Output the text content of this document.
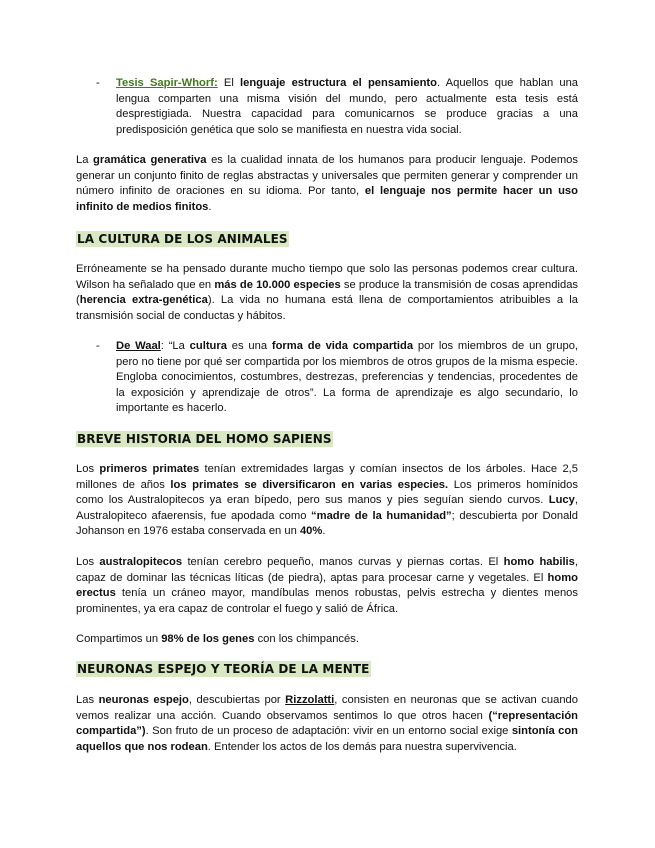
- Tesis Sapir-Whorf: El lenguaje estructura el pensamiento. Aquellos que hablan una lengua comparten una misma visión del mundo, pero actualmente esta tesis está desprestigiada. Nuestra capacidad para comunicarnos se produce gracias a una predisposición genética que solo se manifiesta en nuestra vida social.

La gramática generativa es la cualidad innata de los humanos para producir lenguaje. Podemos generar un conjunto finito de reglas abstractas y universales que permiten generar y comprender un número infinito de oraciones en su idioma. Por tanto, el lenguaje nos permite hacer un uso infinito de medios finitos.

LA CULTURA DE LOS ANIMALES

Erróneamente se ha pensado durante mucho tiempo que solo las personas podemos crear cultura. Wilson ha señalado que en más de 10.000 especies se produce la transmisión de cosas aprendidas (herencia extra-genética). La vida no humana está llena de comportamientos atribuibles a la transmisión social de conductas y hábitos.

- De Waal: “La cultura es una forma de vida compartida por los miembros de un grupo, pero no tiene por qué ser compartida por los miembros de otros grupos de la misma especie. Engloba conocimientos, costumbres, destrezas, preferencias y tendencias, procedentes de la exposición y aprendizaje de otros”. La forma de aprendizaje es algo secundario, lo importante es hacerlo.

BREVE HISTORIA DEL HOMO SAPIENS

Los primeros primates tenían extremidades largas y comían insectos de los árboles. Hace 2,5 millones de años los primates se diversificaron en varias especies. Los primeros homínidos como los Australopitecos ya eran bípedo, pero sus manos y pies seguían siendo curvos. Lucy, Australopiteco afaerensis, fue apodada como “madre de la humanidad”; descubierta por Donald Johanson en 1976 estaba conservada en un 40%.

Los australopitecos tenían cerebro pequeño, manos curvas y piernas cortas. El homo habilis, capaz de dominar las técnicas líticas (de piedra), aptas para procesar carne y vegetales. El homo erectus tenía un cráneo mayor, mandíbulas menos robustas, pelvis estrecha y dientes menos prominentes, ya era capaz de controlar el fuego y salió de África.

Compartimos un 98% de los genes con los chimpancés.

NEURONAS ESPEJO Y TEORÍA DE LA MENTE

Las neuronas espejo, descubiertas por Rizzolatti, consisten en neuronas que se activan cuando vemos realizar una acción. Cuando observamos sentimos lo que otros hacen (“representación compartida”). Son fruto de un proceso de adaptación: vivir en un entorno social exige sintonía con aquellos que nos rodean. Entender los actos de los demás para nuestra supervivencia.
